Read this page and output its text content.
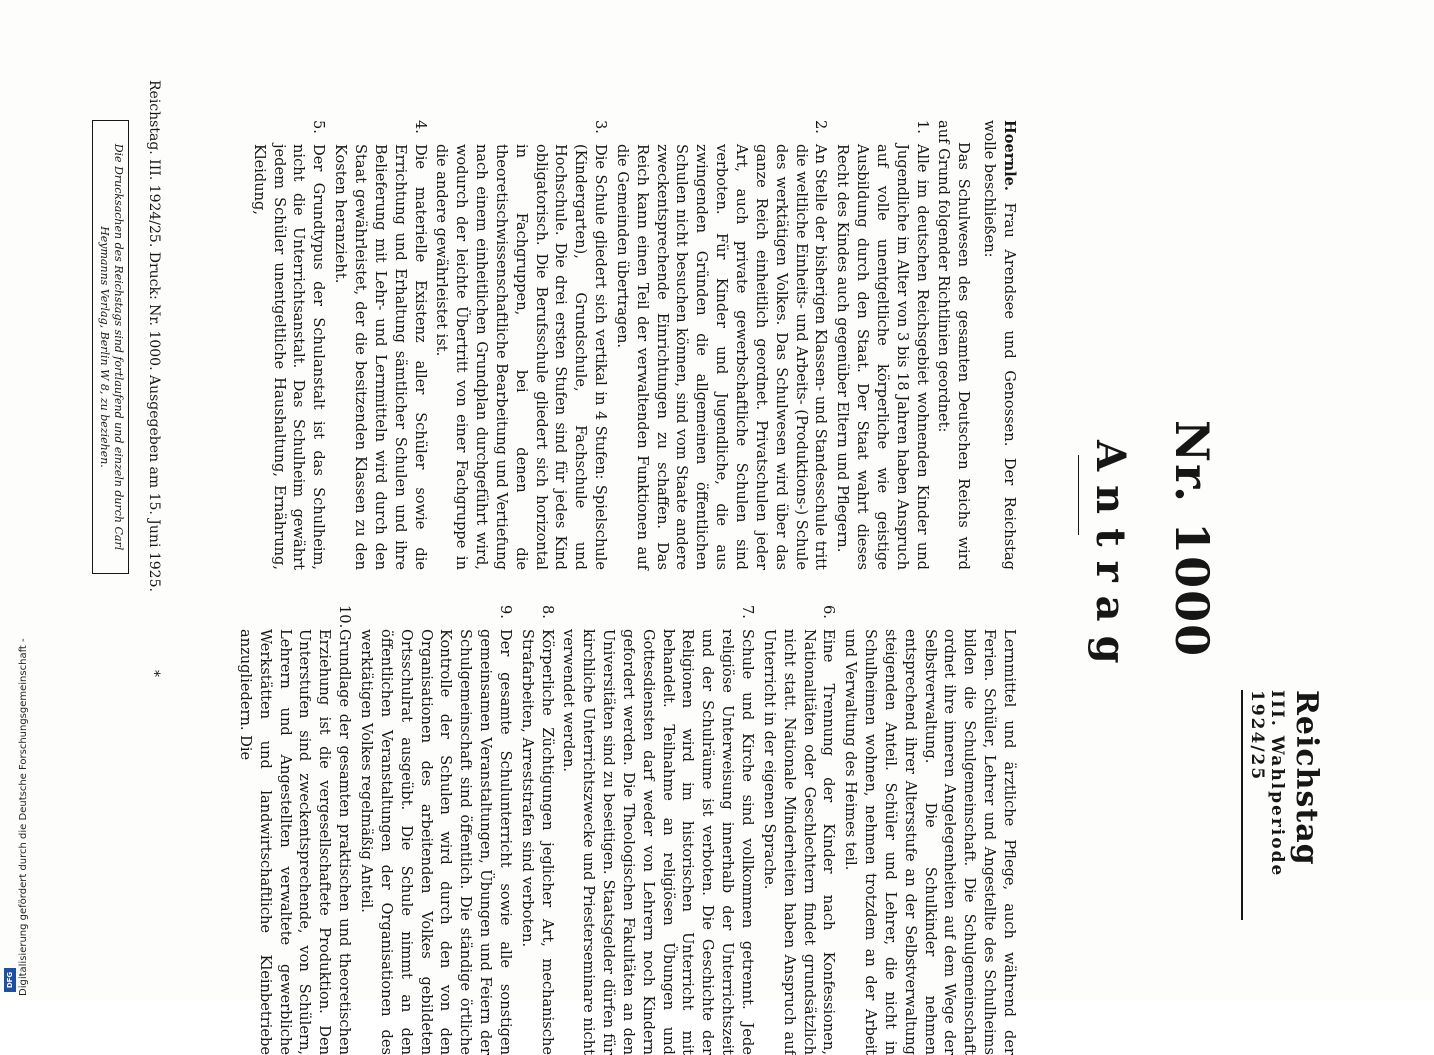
Reichstag
III. Wahlperiode
1924/25
Nr. 1000
Antrag

Hoernle. Frau Arendsee und Genossen. Der Reichstag wolle beschließen:

Das Schulwesen des gesamten Deutschen Reichs wird auf Grund folgender Richtlinien geordnet:

1.Alle im deutschen Reichsgebiet wohnenden Kinder und Jugendliche im Alter von 3 bis 18 Jahren haben Anspruch auf volle unentgeltliche körperliche wie geistige Ausbildung durch den Staat. Der Staat wahrt dieses Recht des Kindes auch gegenüber Eltern und Pflegern.

2.An Stelle der bisherigen Klassen- und Standesschule tritt die weltliche Einheits- und Arbeits- (Produktions-) Schule des werktätigen Volkes. Das Schulwesen wird über das ganze Reich einheitlich geordnet. Privatschulen jeder Art, auch private gewerbschaftliche Schulen sind verboten. Für Kinder und Jugendliche, die aus zwingenden Gründen die allgemeinen öffentlichen Schulen nicht besuchen können, sind vom Staate andere zweckentsprechende Einrichtungen zu schaffen. Das Reich kann einen Teil der verwaltenden Funktionen auf die Gemeinden übertragen.

3.Die Schule gliedert sich vertikal in 4 Stufen: Spielschule (Kindergarten), Grundschule, Fachschule und Hochschule. Die drei ersten Stufen sind für jedes Kind obligatorisch. Die Berufsschule gliedert sich horizontal in Fachgruppen, bei denen die theoretischwissenschaftliche Bearbeitung und Vertiefung nach einem einheitlichen Grundplan durchgeführt wird, wodurch der leichte Übertritt von einer Fachgruppe in die andere gewährleistet ist.

4.Die materielle Existenz aller Schüler sowie die Errichtung und Erhaltung sämtlicher Schulen und ihre Belieferung mit Lehr- und Lernmitteln wird durch den Staat gewährleistet, der die besitzenden Klassen zu den Kosten heranzieht.

5.Der Grundtypus der Schulanstalt ist das Schulheim, nicht die Unterrichtsanstalt. Das Schulheim gewährt jedem Schüler unentgeltliche Haushaltung, Ernährung, Kleidung,

Lernmittel und ärztliche Pflege, auch während der Ferien. Schüler, Lehrer und Angestellte des Schulheims bilden die Schulgemeinschaft. Die Schulgemeinschaft ordnet ihre inneren Angelegenheiten auf dem Wege der Selbstverwaltung. Die Schulkinder nehmen entsprechend ihrer Altersstufe an der Selbstverwaltung steigenden Anteil. Schüler und Lehrer, die nicht in Schulheimen wohnen, nehmen trotzdem an der Arbeit und Verwaltung des Heimes teil.

6.Eine Trennung der Kinder nach Konfessionen, Nationalitäten oder Geschlechtern findet grundsätzlich nicht statt. Nationale Minderheiten haben Anspruch auf Unterricht in der eigenen Sprache.

7.Schule und Kirche sind vollkommen getrennt. Jede religiöse Unterweisung innerhalb der Unterrichtszeit und der Schulräume ist verboten. Die Geschichte der Religionen wird im historischen Unterricht mit behandelt. Teilnahme an religiösen Übungen und Gottesdiensten darf weder von Lehrern noch Kindern gefordert werden. Die Theologischen Fakultäten an den Universitäten sind zu beseitigen. Staatsgelder dürfen für kirchliche Unterrichtszwecke und Priesterseminare nicht verwendet werden.

8.Körperliche Züchtigungen jeglicher Art, mechanische Strafarbeiten, Arreststrafen sind verboten.

9.Der gesamte Schulunterricht sowie alle sonstigen gemeinsamen Veranstaltungen, Übungen und Feiern der Schulgemeinschaft sind öffentlich. Die ständige örtliche Kontrolle der Schulen wird durch den von den Organisationen des arbeitenden Volkes gebildeten Ortsschulrat ausgeübt. Die Schule nimmt an den öffentlichen Veranstaltungen der Organisationen des werktätigen Volkes regelmäßig Anteil.

10.Grundlage der gesamten praktischen und theoretischen Erziehung ist die vergesellschaftete Produktion. Den Unterstufen sind zweckentsprechende, von Schülern, Lehrern und Angestellten verwaltete gewerbliche Werkstätten und landwirtschaftliche Kleinbetriebe anzugliedern. Die

Reichstag. III. 1924/25. Druck: Nr. 1000. Ausgegeben am 15. Juni 1925.
*
Die Drucksachen des Reichstags sind fortlaufend und einzeln durch Carl Heymanns Verlag, Berlin W 8, zu beziehen.
Digitalisierung gefördert durch die Deutsche Forschungsgemeinschaft -
DFG
